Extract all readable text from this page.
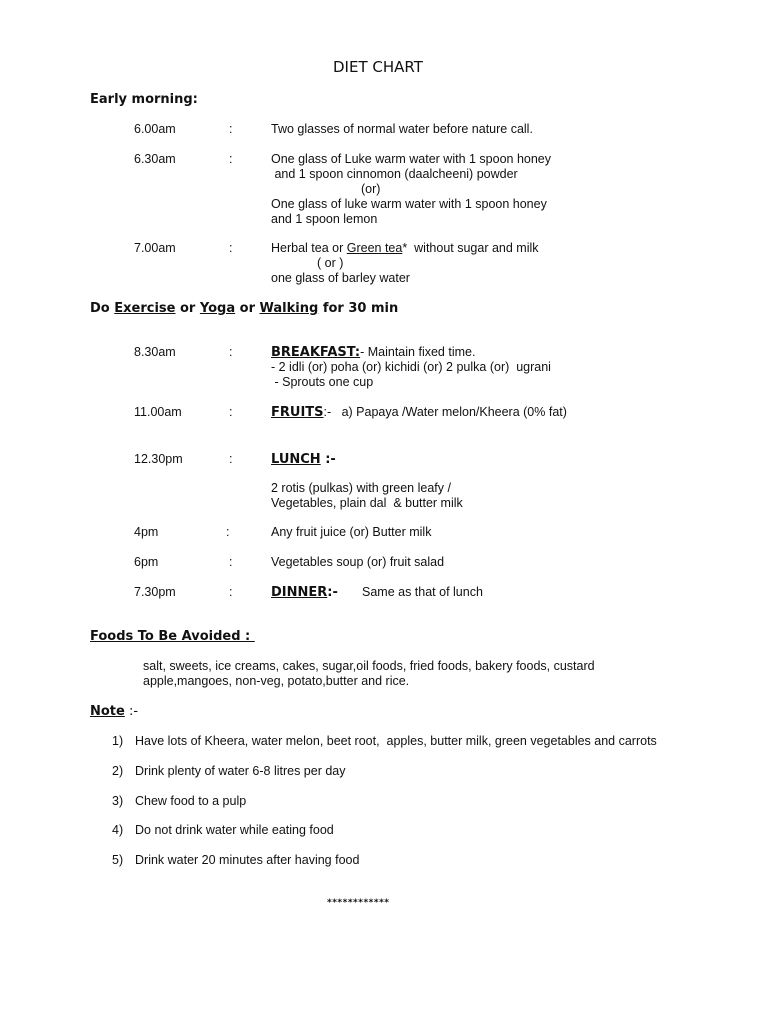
DIET CHART
Early morning:
6.00am	:	Two glasses of normal water before nature call.
6.30am	:	One glass of Luke warm water with 1 spoon honey
and 1 spoon cinnomon (daalcheeni) powder
(or)
One glass of luke warm water with 1 spoon honey
and 1 spoon lemon
7.00am	:	Herbal tea or Green tea*  without sugar and milk
( or )
one glass of barley water
Do Exercise or Yoga or Walking for 30 min
8.30am	:	BREAKFAST:- Maintain fixed time.
- 2 idli (or) poha (or) kichidi (or) 2 pulka (or)  ugrani
- Sprouts one cup
11.00am	:	FRUITS:-   a) Papaya /Water melon/Kheera (0% fat)
12.30pm	:	LUNCH :-
2 rotis (pulkas) with green leafy /
Vegetables, plain dal  & butter milk
4pm	:	Any fruit juice (or) Butter milk
6pm	:	Vegetables soup (or) fruit salad
7.30pm	:	DINNER:- Same as that of lunch
Foods To Be Avoided :
salt, sweets, ice creams, cakes, sugar,oil foods, fried foods, bakery foods, custard
apple,mangoes, non-veg, potato,butter and rice.
Note :-
1) Have lots of Kheera, water melon, beet root,  apples, butter milk, green vegetables and carrots
2) Drink plenty of water 6-8 litres per day
3) Chew food to a pulp
4) Do not drink water while eating food
5) Drink water 20 minutes after having food
************
